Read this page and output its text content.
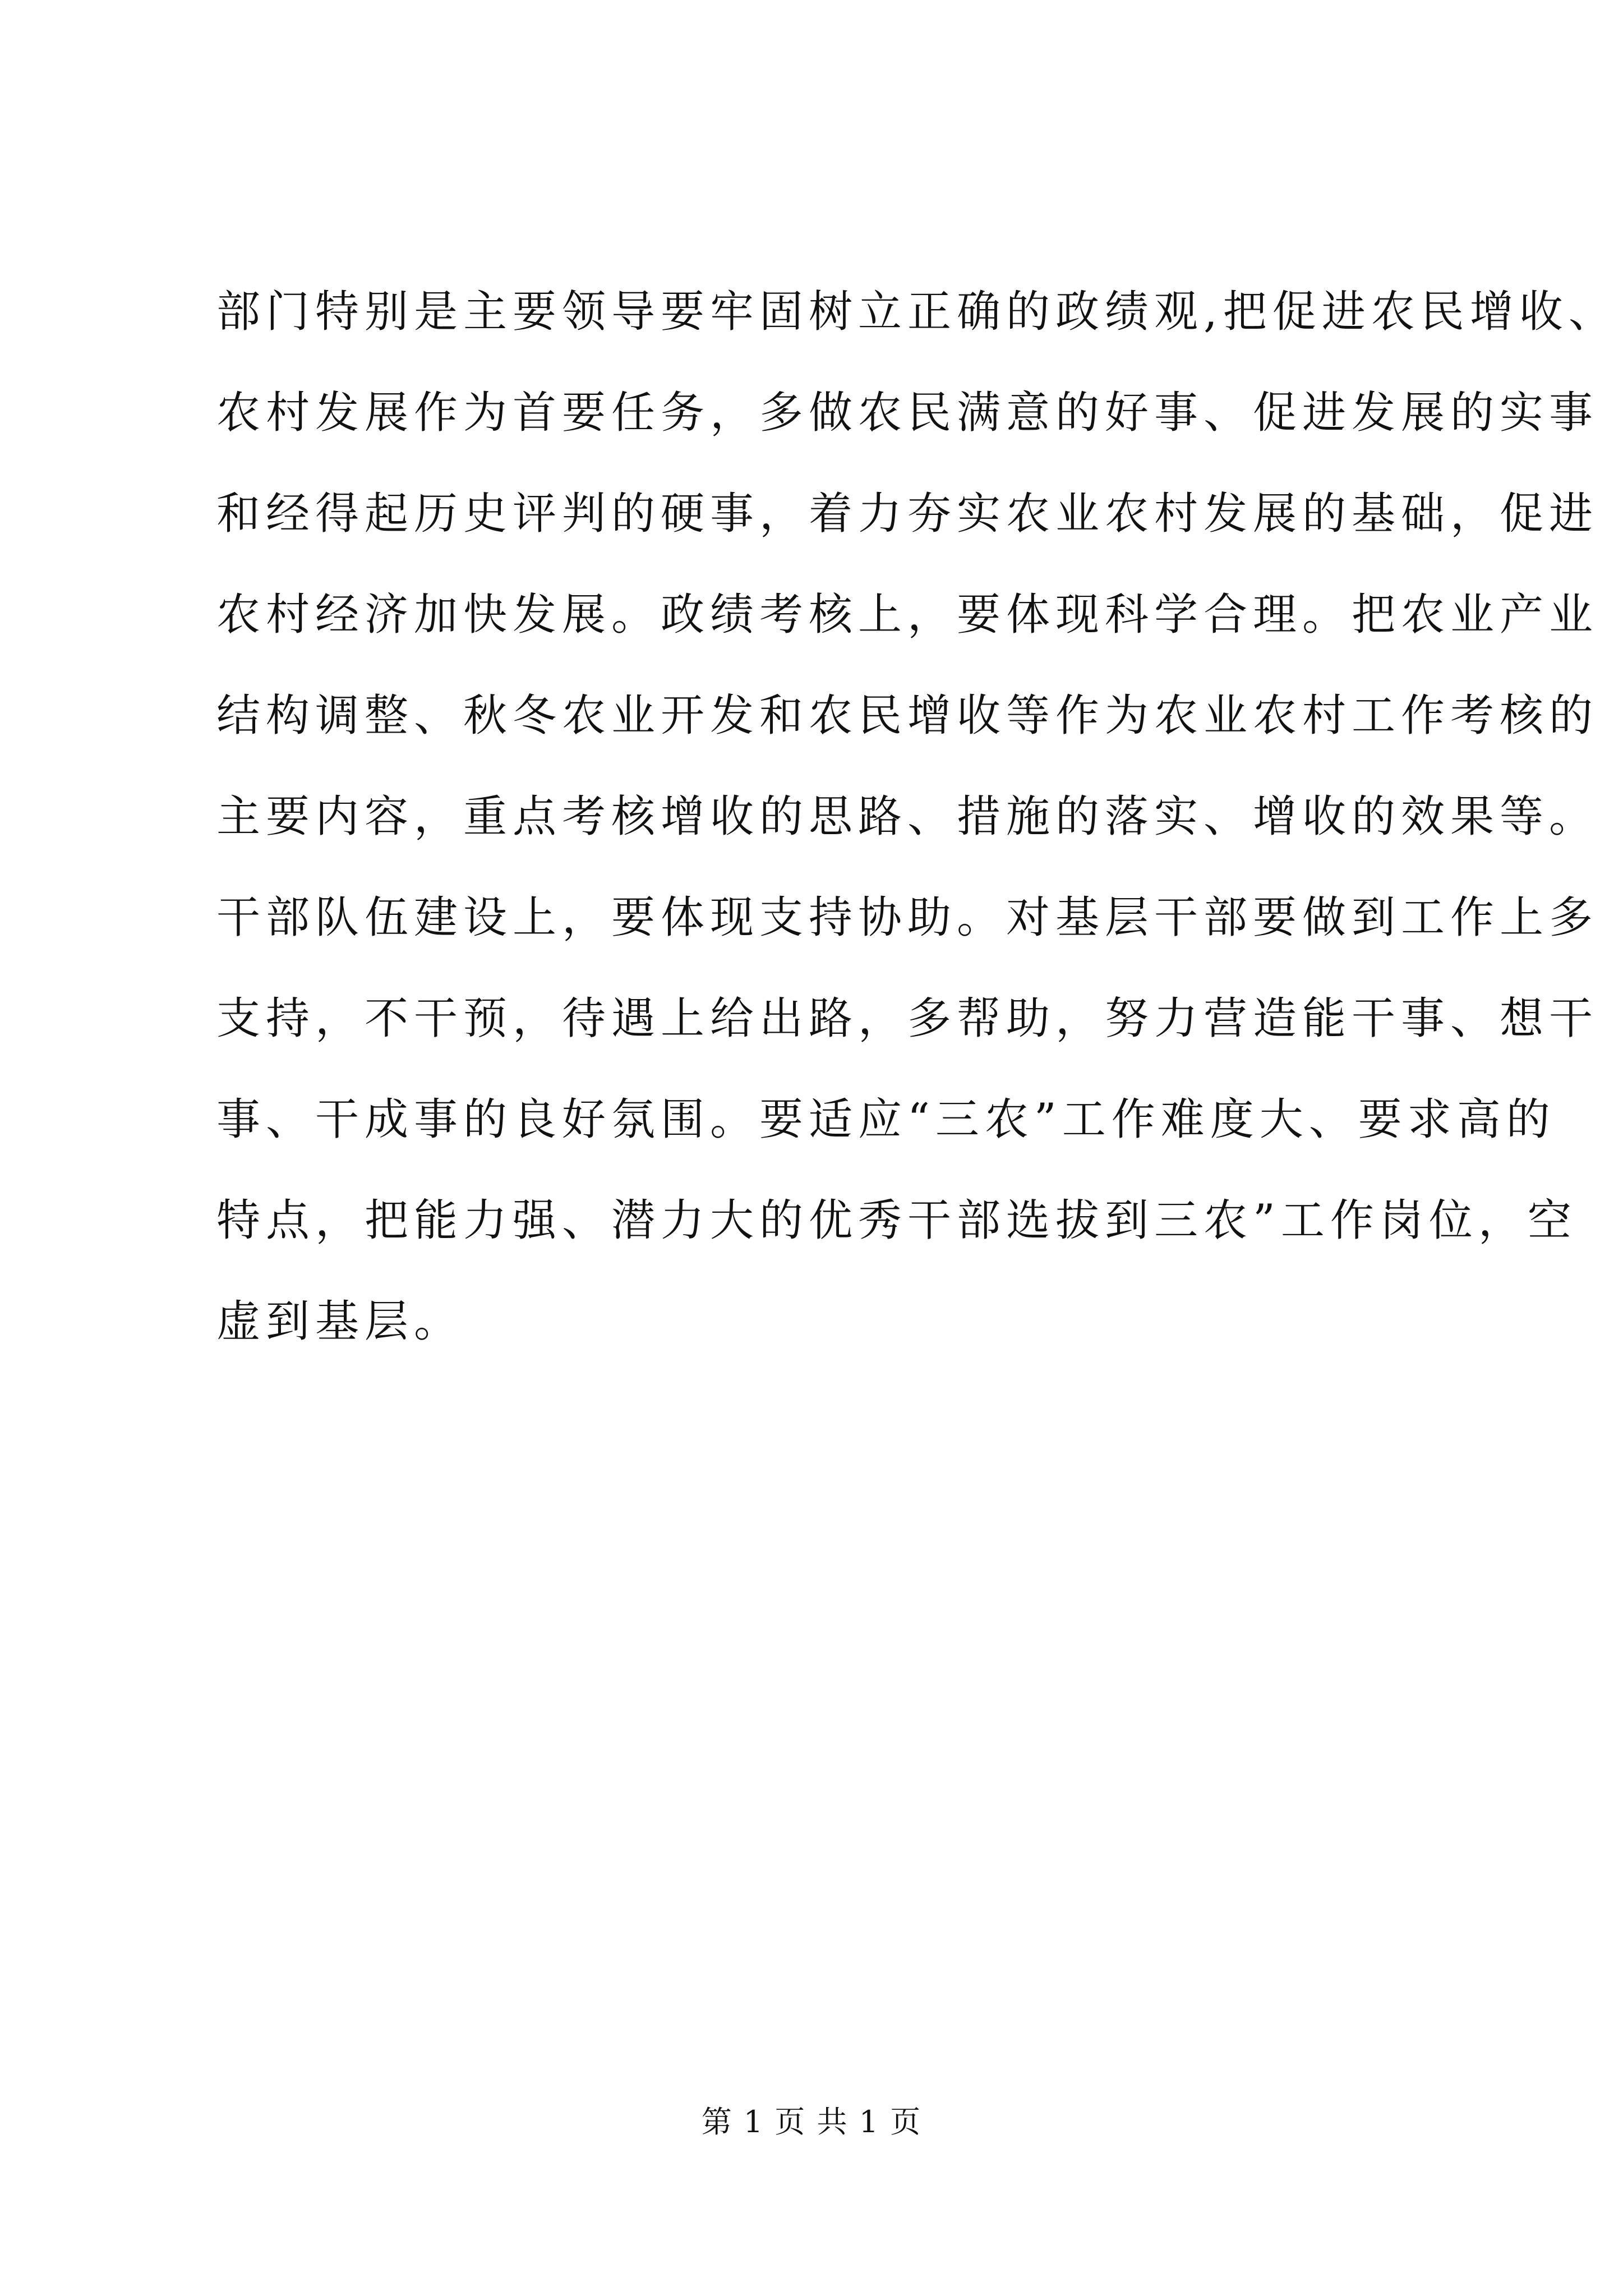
部门特别是主要领导要牢固树立正确的政绩观,把促进农民增收、
农村发展作为首要任务，多做农民满意的好事、促进发展的实事
和经得起历史评判的硬事，着力夯实农业农村发展的基础，促进
农村经济加快发展。政绩考核上，要体现科学合理。把农业产业
结构调整、秋冬农业开发和农民增收等作为农业农村工作考核的
主要内容，重点考核增收的思路、措施的落实、增收的效果等。
干部队伍建设上，要体现支持协助。对基层干部要做到工作上多
支持，不干预，待遇上给出路，多帮助，努力营造能干事、想干
事、干成事的良好氛围。要适应“三农”工作难度大、要求高的
特点，把能力强、潜力大的优秀干部选拔到三农”工作岗位，空
虚到基层。
第 1 页 共 1 页
